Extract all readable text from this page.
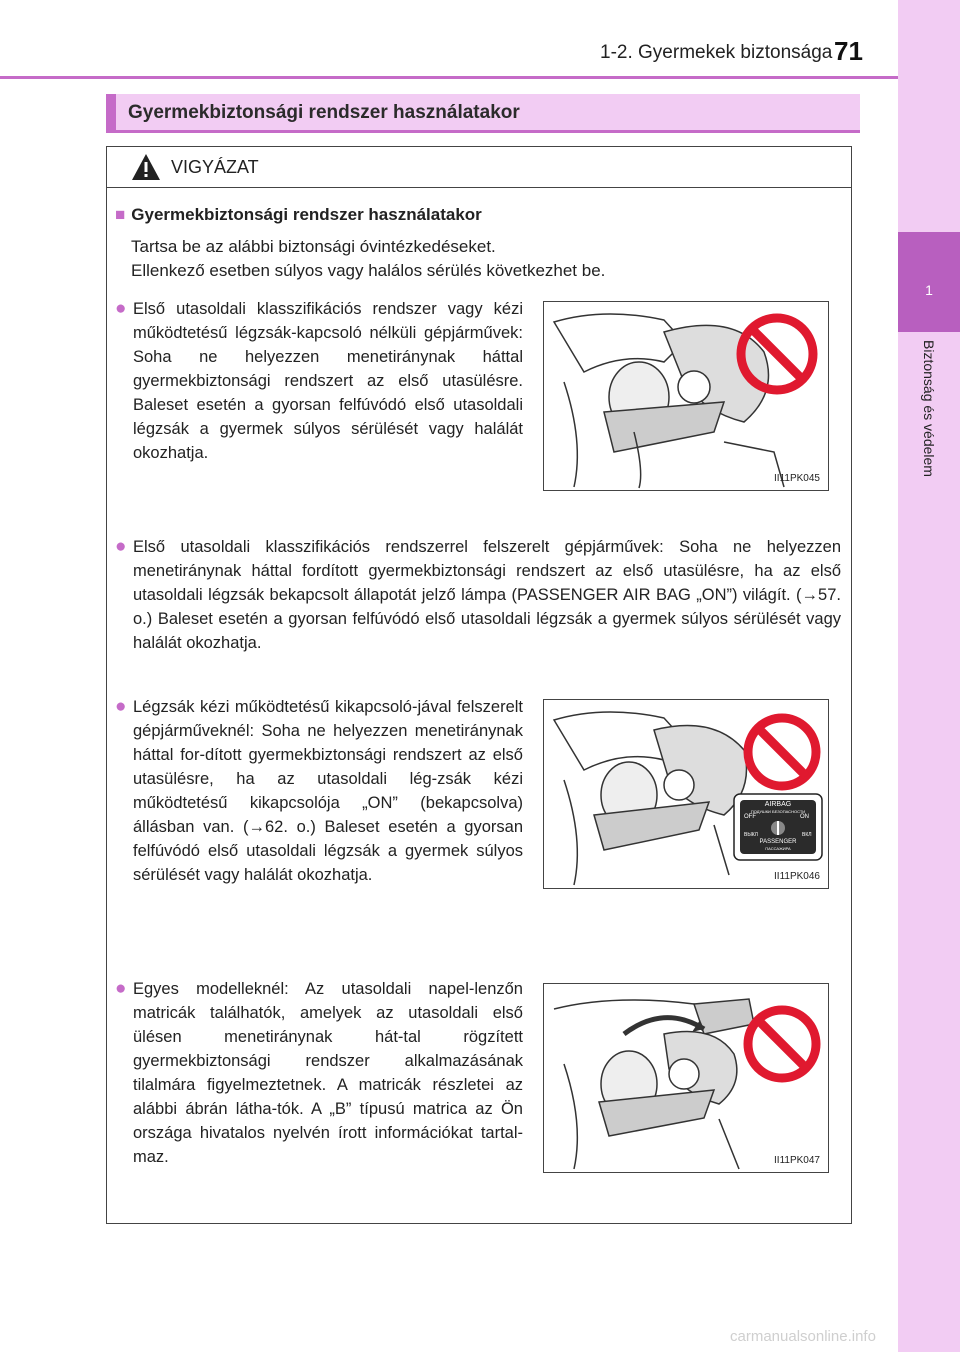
1-2. Gyermekek biztonsága 71
1
Biztonság és védelem
Gyermekbiztonsági rendszer használatakor
VIGYÁZAT
■ Gyermekbiztonsági rendszer használatakor
Tartsa be az alábbi biztonsági óvintézkedéseket.
Ellenkező esetben súlyos vagy halálos sérülés következhet be.
● Első utasoldali klasszifikációs rendszer vagy kézi működtetésű légzsák-kapcsoló nélküli gépjárművek: Soha ne helyezzen menetiránynak háttal gyermekbiztonsági rendszert az első utasülésre. Baleset esetén a gyorsan felfúvódó első utasoldali légzsák a gyermek súlyos sérülését vagy halálát okozhatja.
II11PK045
● Első utasoldali klasszifikációs rendszerrel felszerelt gépjárművek: Soha ne helyezzen menetiránynak háttal fordított gyermekbiztonsági rendszert az első utasülésre, ha az első utasoldali légzsák bekapcsolt állapotát jelző lámpa (PASSENGER AIR BAG „ON”) világít. (→57. o.) Baleset esetén a gyorsan felfúvódó első utasoldali légzsák a gyermek súlyos sérülését vagy halálát okozhatja.
● Légzsák kézi működtetésű kikapcsoló-jával felszerelt gépjárműveknél: Soha ne helyezzen menetiránynak háttal for-dított gyermekbiztonsági rendszert az első utasülésre, ha az utasoldali lég-zsák kézi működtetésű kikapcsolója „ON” (bekapcsolva) állásban van. (→62. o.) Baleset esetén a gyorsan felfúvódó első utasoldali légzsák a gyermek súlyos sérülését vagy halálát okozhatja.
AIRBAG
ПОДУШКИ БЕЗОПАСНОСТИ
OFF	ON
ВЫКЛ	ВКЛ
PASSENGER
ПАССАЖИРА
II11PK046
● Egyes modelleknél: Az utasoldali napel-lenzőn matricák találhatók, amelyek az utasoldali első ülésen menetiránynak hát-tal rögzített gyermekbiztonsági rendszer alkalmazásának tilalmára figyelmeztetnek. A matricák részletei az alábbi ábrán látha-tók. A „B” típusú matrica az Ön országa hivatalos nyelvén írott információkat tartal-maz.	II11PK047
carmanualsonline.info
